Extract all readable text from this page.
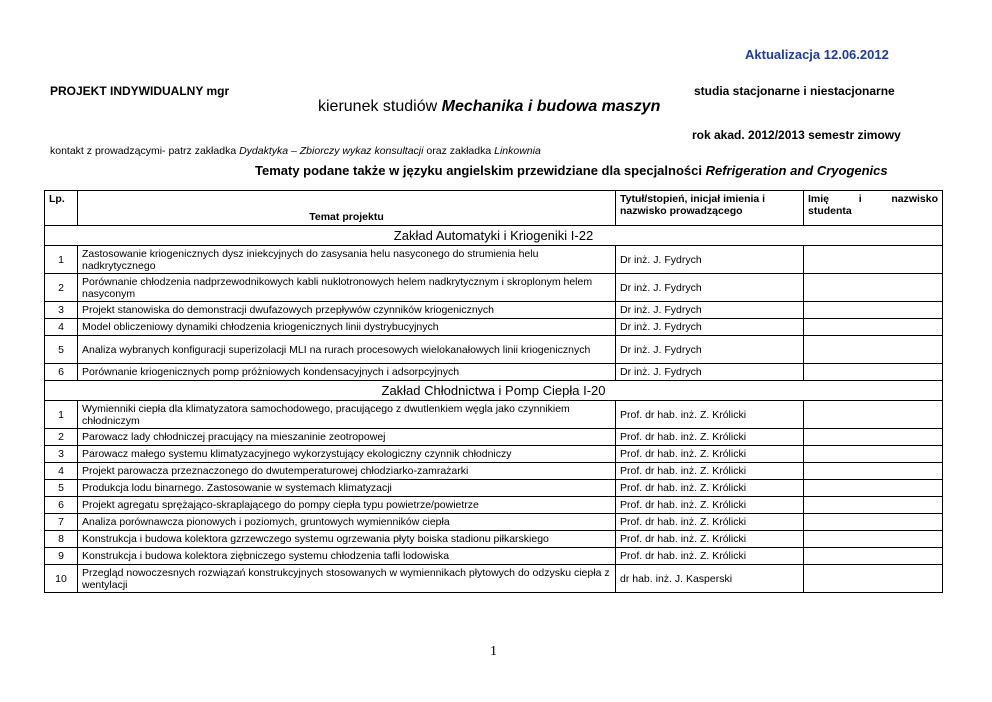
Aktualizacja 12.06.2012
PROJEKT INDYWIDUALNY mgr	studia stacjonarne i niestacjonarne
kierunek studiów Mechanika i budowa maszyn
rok akad. 2012/2013 semestr zimowy
kontakt z prowadzącymi- patrz zakładka Dydaktyka – Zbiorczy wykaz konsultacji oraz zakładka Linkownia
Tematy podane także w języku angielskim przewidziane dla specjalności Refrigeration and Cryogenics
Lp.	Temat projektu	Tytuł/stopień, inicjał imienia i nazwisko prowadzącego	Imię i nazwisko
studenta

Zakład Automatyki i Kriogeniki I-22			
1	Zastosowanie kriogenicznych dysz iniekcyjnych do zasysania helu nasyconego do strumienia helu nadkrytycznego	Dr inż. J. Fydrych	
2	Porównanie chłodzenia nadprzewodnikowych kabli nuklotronowych helem nadkrytycznym i skroplonym helem nasyconym	Dr inż. J. Fydrych	
3	Projekt stanowiska do demonstracji dwufazowych przepływów czynników kriogenicznych	Dr inż. J. Fydrych	
4	Model obliczeniowy dynamiki chłodzenia kriogenicznych linii dystrybucyjnych	Dr inż. J. Fydrych	
5	Analiza wybranych konfiguracji superizolacji MLI na rurach procesowych wielokanałowych linii kriogenicznych	Dr inż. J. Fydrych	
6	Porównanie kriogenicznych pomp próżniowych kondensacyjnych i adsorpcyjnych	Dr inż. J. Fydrych	
Zakład Chłodnictwa i Pomp Ciepła I-20			
1	Wymienniki ciepła dla klimatyzatora samochodowego, pracującego z dwutlenkiem węgla jako czynnikiem chłodniczym	Prof. dr hab. inż. Z. Królicki	
2	Parowacz lady chłodniczej pracujący na mieszaninie zeotropowej	Prof. dr hab. inż. Z. Królicki	
3	Parowacz małego systemu klimatyzacyjnego wykorzystujący ekologiczny czynnik chłodniczy	Prof. dr hab. inż. Z. Królicki	
4	Projekt parowacza przeznaczonego do dwutemperaturowej chłodziarko-zamrażarki	Prof. dr hab. inż. Z. Królicki	
5	Produkcja lodu binarnego. Zastosowanie w systemach klimatyzacji	Prof. dr hab. inż. Z. Królicki	
6	Projekt agregatu sprężająco-skraplającego do pompy ciepła typu powietrze/powietrze	Prof. dr hab. inż. Z. Królicki	
7	Analiza porównawcza pionowych i poziomych, gruntowych wymienników ciepła	Prof. dr hab. inż. Z. Królicki	
8	Konstrukcja i budowa kolektora gzrzewczego systemu ogrzewania płyty boiska stadionu piłkarskiego	Prof. dr hab. inż. Z. Królicki	
9	Konstrukcja i budowa kolektora ziębniczego systemu chłodzenia tafli lodowiska	Prof. dr hab. inż. Z. Królicki	
10	Przegląd nowoczesnych rozwiązań konstrukcyjnych stosowanych w wymiennikach płytowych do odzysku ciepła z wentylacji	dr hab. inż. J. Kasperski	
1
